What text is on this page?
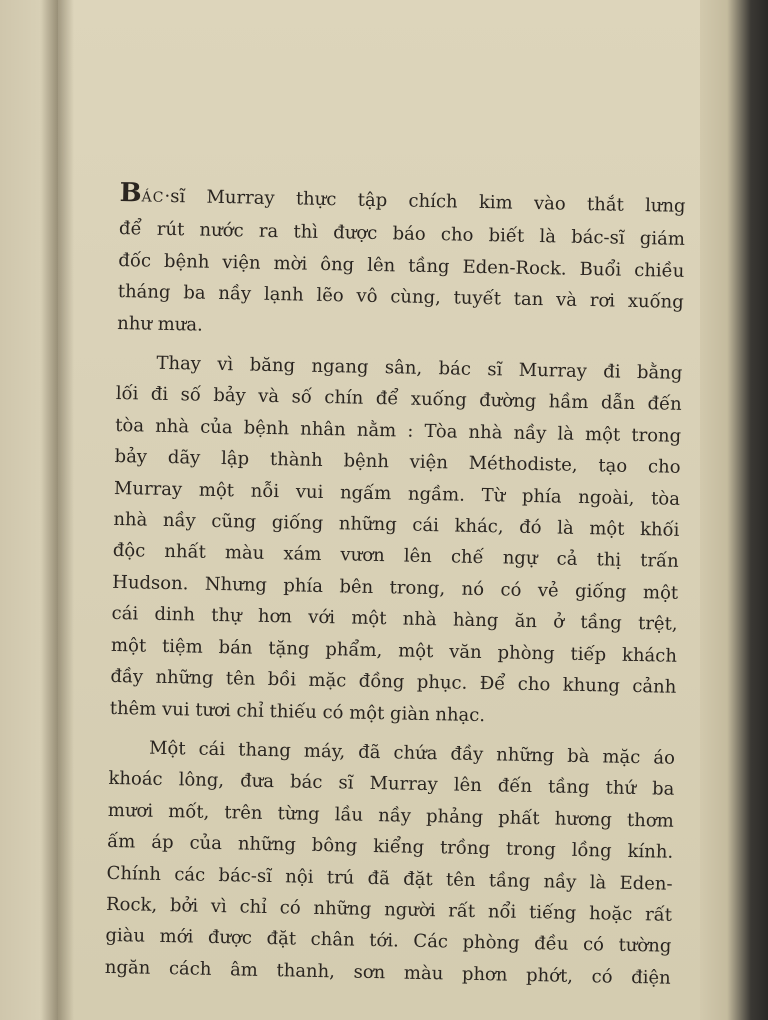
BÁC·sĩ Murray thực tập chích kim vào thắt lưng
để rút nước ra thì được báo cho biết là bác-sĩ giám
đốc bệnh viện mời ông lên tầng Eden-Rock. Buổi chiều
tháng ba nầy lạnh lẽo vô cùng, tuyết tan và rơi xuống
như mưa.

Thay vì băng ngang sân, bác sĩ Murray đi bằng
lối đi số bảy và số chín để xuống đường hầm dẫn đến
tòa nhà của bệnh nhân nằm : Tòa nhà nầy là một trong
bảy dãy lập thành bệnh viện Méthodiste, tạo cho
Murray một nỗi vui ngấm ngầm. Từ phía ngoài, tòa
nhà nầy cũng giống những cái khác, đó là một khối
độc nhất màu xám vươn lên chế ngự cả thị trấn
Hudson. Nhưng phía bên trong, nó có vẻ giống một
cái dinh thự hơn với một nhà hàng ăn ở tầng trệt,
một tiệm bán tặng phẩm, một văn phòng tiếp khách
đầy những tên bồi mặc đồng phục. Để cho khung cảnh
thêm vui tươi chỉ thiếu có một giàn nhạc.

Một cái thang máy, đã chứa đầy những bà mặc áo
khoác lông, đưa bác sĩ Murray lên đến tầng thứ ba
mươi mốt, trên từng lầu nầy phảng phất hương thơm
ấm áp của những bông kiểng trồng trong lồng kính.
Chính các bác-sĩ nội trú đã đặt tên tầng nầy là Eden-
Rock, bởi vì chỉ có những người rất nổi tiếng hoặc rất
giàu mới được đặt chân tới. Các phòng đều có tường
ngăn cách âm thanh, sơn màu phơn phớt, có điện
